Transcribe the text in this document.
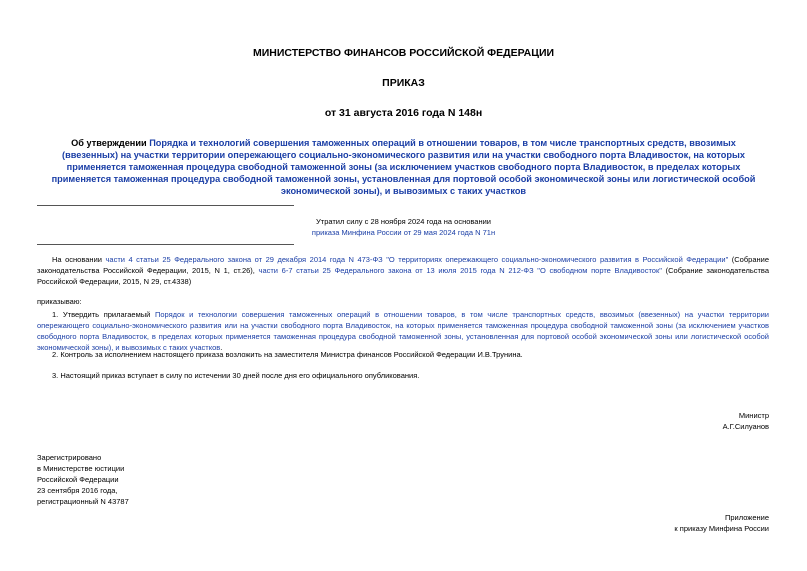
МИНИСТЕРСТВО ФИНАНСОВ РОССИЙСКОЙ ФЕДЕРАЦИИ
ПРИКАЗ
от 31 августа 2016 года N 148н
Об утверждении Порядка и технологий совершения таможенных операций в отношении товаров, в том числе транспортных средств, ввозимых (ввезенных) на участки территории опережающего социально-экономического развития или на участки свободного порта Владивосток, на которых применяется таможенная процедура свободной таможенной зоны (за исключением участков свободного порта Владивосток, в пределах которых применяется таможенная процедура свободной таможенной зоны, установленная для портовой особой экономической зоны или логистической особой экономической зоны), и вывозимых с таких участков
Утратил силу с 28 ноября 2024 года на основании
приказа Минфина России от 29 мая 2024 года N 71н
На основании части 4 статьи 25 Федерального закона от 29 декабря 2014 года N 473-ФЗ "О территориях опережающего социально-экономического развития в Российской Федерации" (Собрание законодательства Российской Федерации, 2015, N 1, ст.26), части 6-7 статьи 25 Федерального закона от 13 июля 2015 года N 212-ФЗ "О свободном порте Владивосток" (Собрание законодательства Российской Федерации, 2015, N 29, ст.4338)
приказываю:
1. Утвердить прилагаемый Порядок и технологии совершения таможенных операций в отношении товаров, в том числе транспортных средств, ввозимых (ввезенных) на участки территории опережающего социально-экономического развития или на участки свободного порта Владивосток, на которых применяется таможенная процедура свободной таможенной зоны (за исключением участков свободного порта Владивосток, в пределах которых применяется таможенная процедура свободной таможенной зоны, установленная для портовой особой экономической зоны или логистической особой экономической зоны), и вывозимых с таких участков.
2. Контроль за исполнением настоящего приказа возложить на заместителя Министра финансов Российской Федерации И.В.Трунина.
3. Настоящий приказ вступает в силу по истечении 30 дней после дня его официального опубликования.
Министр
А.Г.Силуанов
Зарегистрировано
в Министерстве юстиции
Российской Федерации
23 сентября 2016 года,
регистрационный N 43787
Приложение
к приказу Минфина России
